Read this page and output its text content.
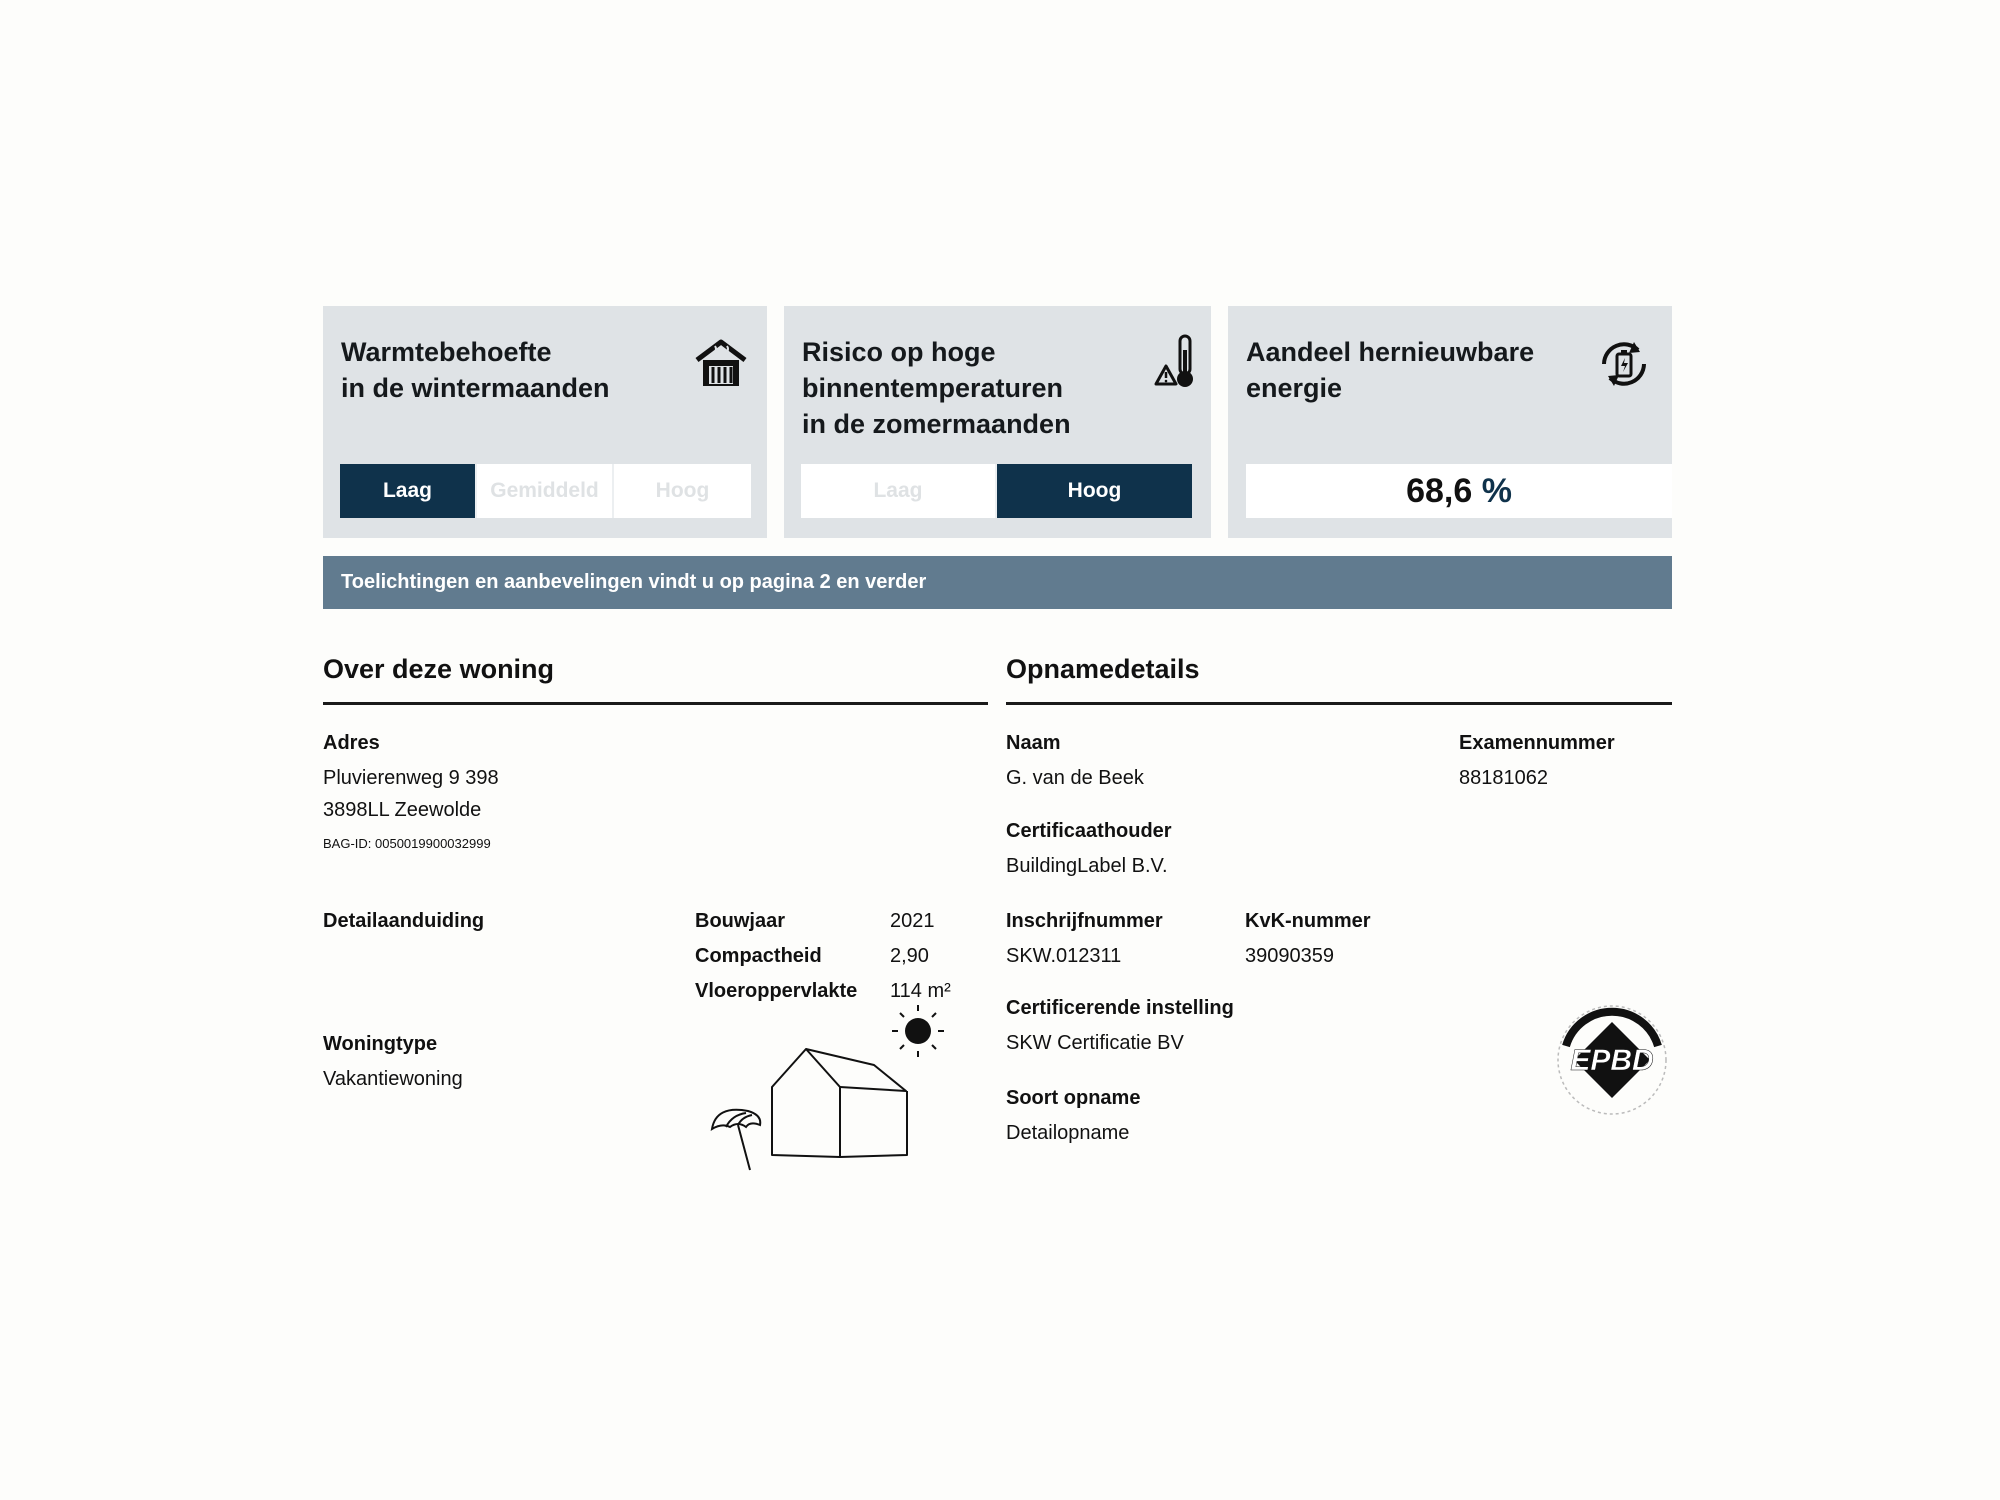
Warmtebehoefte
in de wintermaanden
Laag	Gemiddeld	Hoog
Risico op hoge
binnentemperaturen
in de zomermaanden
Laag	Hoog
Aandeel hernieuwbare
energie
68,6 %
Toelichtingen en aanbevelingen vindt u op pagina 2 en verder
Over deze woning
Adres
Pluvierenweg 9 398
3898LL Zeewolde
BAG-ID: 0050019900032999
Detailaanduiding	Bouwjaar	2021
Compactheid	2,90
Vloeroppervlakte 114 m²
Woningtype
Vakantiewoning
Opnamedetails
Naam
G. van de Beek
Examennummer
88181062
Certificaathouder
BuildingLabel B.V.
Inschrijfnummer
SKW.012311
KvK-nummer
39090359
Certificerende instelling
SKW Certificatie BV
Soort opname
Detailopname
EPBD
